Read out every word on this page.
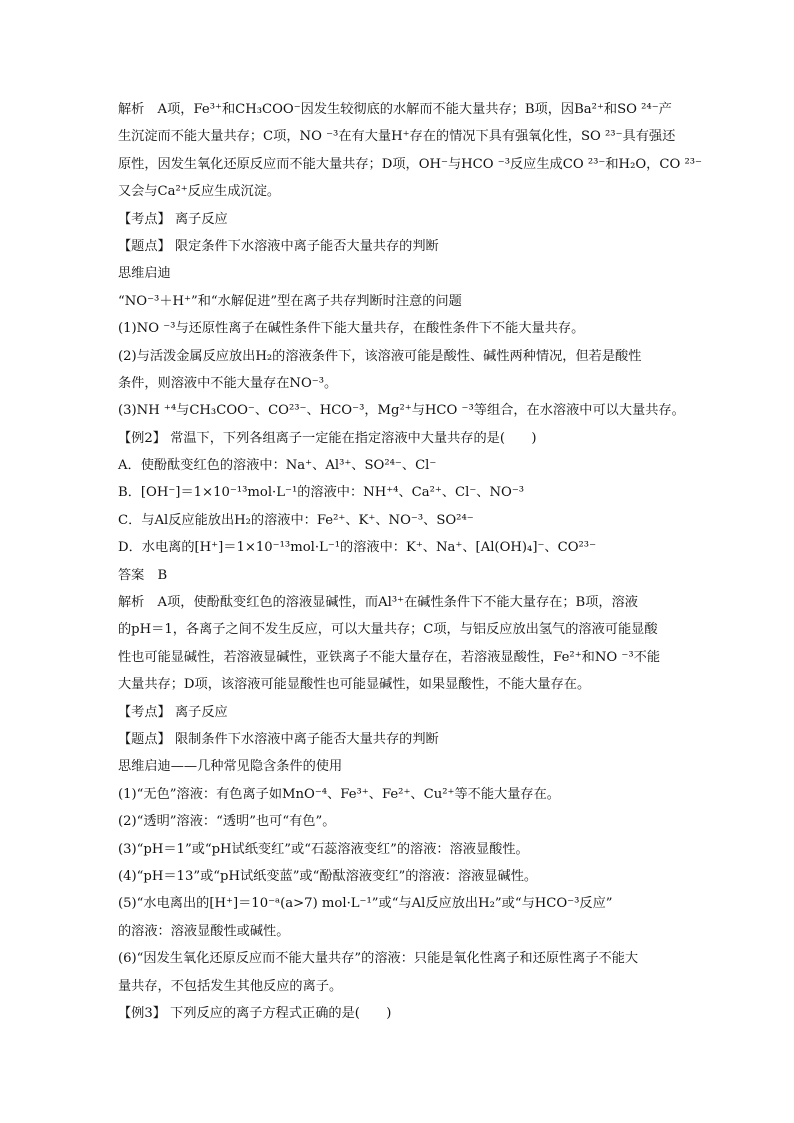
解析　A项，Fe³⁺和CH₃COO⁻因发生较彻底的水解而不能大量共存；B项，因Ba²⁺和SO ²⁴⁻产
生沉淀而不能大量共存；C项，NO ⁻³在有大量H⁺存在的情况下具有强氧化性，SO ²³⁻具有强还
原性，因发生氧化还原反应而不能大量共存；D项，OH⁻与HCO ⁻³反应生成CO ²³⁻和H₂O，CO ²³⁻
又会与Ca²⁺反应生成沉淀。
【考点】 离子反应
【题点】 限定条件下水溶液中离子能否大量共存的判断
思维启迪
“NO⁻³＋H⁺”和“水解促进”型在离子共存判断时注意的问题
(1)NO ⁻³与还原性离子在碱性条件下能大量共存，在酸性条件下不能大量共存。
(2)与活泼金属反应放出H₂的溶液条件下，该溶液可能是酸性、碱性两种情况，但若是酸性
条件，则溶液中不能大量存在NO⁻³。
(3)NH ⁺⁴与CH₃COO⁻、CO²³⁻、HCO⁻³，Mg²⁺与HCO ⁻³等组合，在水溶液中可以大量共存。
【例2】 常温下，下列各组离子一定能在指定溶液中大量共存的是(　　)
A．使酚酞变红色的溶液中：Na⁺、Al³⁺、SO²⁴⁻、Cl⁻
B．[OH⁻]＝1×10⁻¹³mol·L⁻¹的溶液中：NH⁺⁴、Ca²⁺、Cl⁻、NO⁻³
C．与Al反应能放出H₂的溶液中：Fe²⁺、K⁺、NO⁻³、SO²⁴⁻
D．水电离的[H⁺]＝1×10⁻¹³mol·L⁻¹的溶液中：K⁺、Na⁺、[Al(OH)₄]⁻、CO²³⁻
答案　B
解析　A项，使酚酞变红色的溶液显碱性，而Al³⁺在碱性条件下不能大量存在；B项，溶液
的pH＝1，各离子之间不发生反应，可以大量共存；C项，与铝反应放出氢气的溶液可能显酸
性也可能显碱性，若溶液显碱性，亚铁离子不能大量存在，若溶液显酸性，Fe²⁺和NO ⁻³不能
大量共存；D项，该溶液可能显酸性也可能显碱性，如果显酸性，不能大量存在。
【考点】 离子反应
【题点】 限制条件下水溶液中离子能否大量共存的判断
思维启迪——几种常见隐含条件的使用
(1)“无色”溶液：有色离子如MnO⁻⁴、Fe³⁺、Fe²⁺、Cu²⁺等不能大量存在。
(2)“透明”溶液：“透明”也可“有色”。
(3)“pH＝1”或“pH试纸变红”或“石蕊溶液变红”的溶液：溶液显酸性。
(4)“pH＝13”或“pH试纸变蓝”或“酚酞溶液变红”的溶液：溶液显碱性。
(5)“水电离出的[H⁺]＝10⁻ᵃ(a>7) mol·L⁻¹”或“与Al反应放出H₂”或“与HCO⁻³反应”
的溶液：溶液显酸性或碱性。
(6)“因发生氧化还原反应而不能大量共存”的溶液：只能是氧化性离子和还原性离子不能大
量共存，不包括发生其他反应的离子。
【例3】 下列反应的离子方程式正确的是(　　)
